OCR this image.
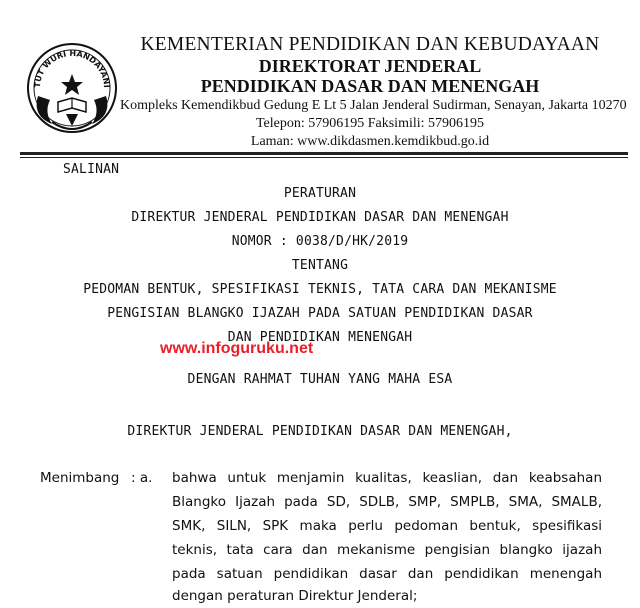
TUT WURI HANDAYANI
KEMENTERIAN PENDIDIKAN DAN KEBUDAYAAN
DIREKTORAT JENDERAL
PENDIDIKAN DASAR DAN MENENGAH
Kompleks Kemendikbud Gedung E Lt 5 Jalan Jenderal Sudirman, Senayan, Jakarta 10270
Telepon: 57906195 Faksimili: 57906195
Laman: www.dikdasmen.kemdikbud.go.id
SALINAN
PERATURAN
DIREKTUR JENDERAL PENDIDIKAN DASAR DAN MENENGAH
NOMOR : 0038/D/HK/2019
TENTANG
PEDOMAN BENTUK, SPESIFIKASI TEKNIS, TATA CARA DAN MEKANISME
PENGISIAN BLANGKO IJAZAH PADA SATUAN PENDIDIKAN DASAR
DAN PENDIDIKAN MENENGAH
www.infoguruku.net
DENGAN RAHMAT TUHAN YANG MAHA ESA
DIREKTUR JENDERAL PENDIDIKAN DASAR DAN MENENGAH,
Menimbang : a. bahwa untuk menjamin kualitas, keaslian, dan keabsahan
Blangko Ijazah pada SD, SDLB, SMP, SMPLB, SMA, SMALB,
SMK, SILN, SPK maka perlu pedoman bentuk, spesifikasi
teknis, tata cara dan mekanisme pengisian blangko ijazah
pada satuan pendidikan dasar dan pendidikan menengah
dengan peraturan Direktur Jenderal;
